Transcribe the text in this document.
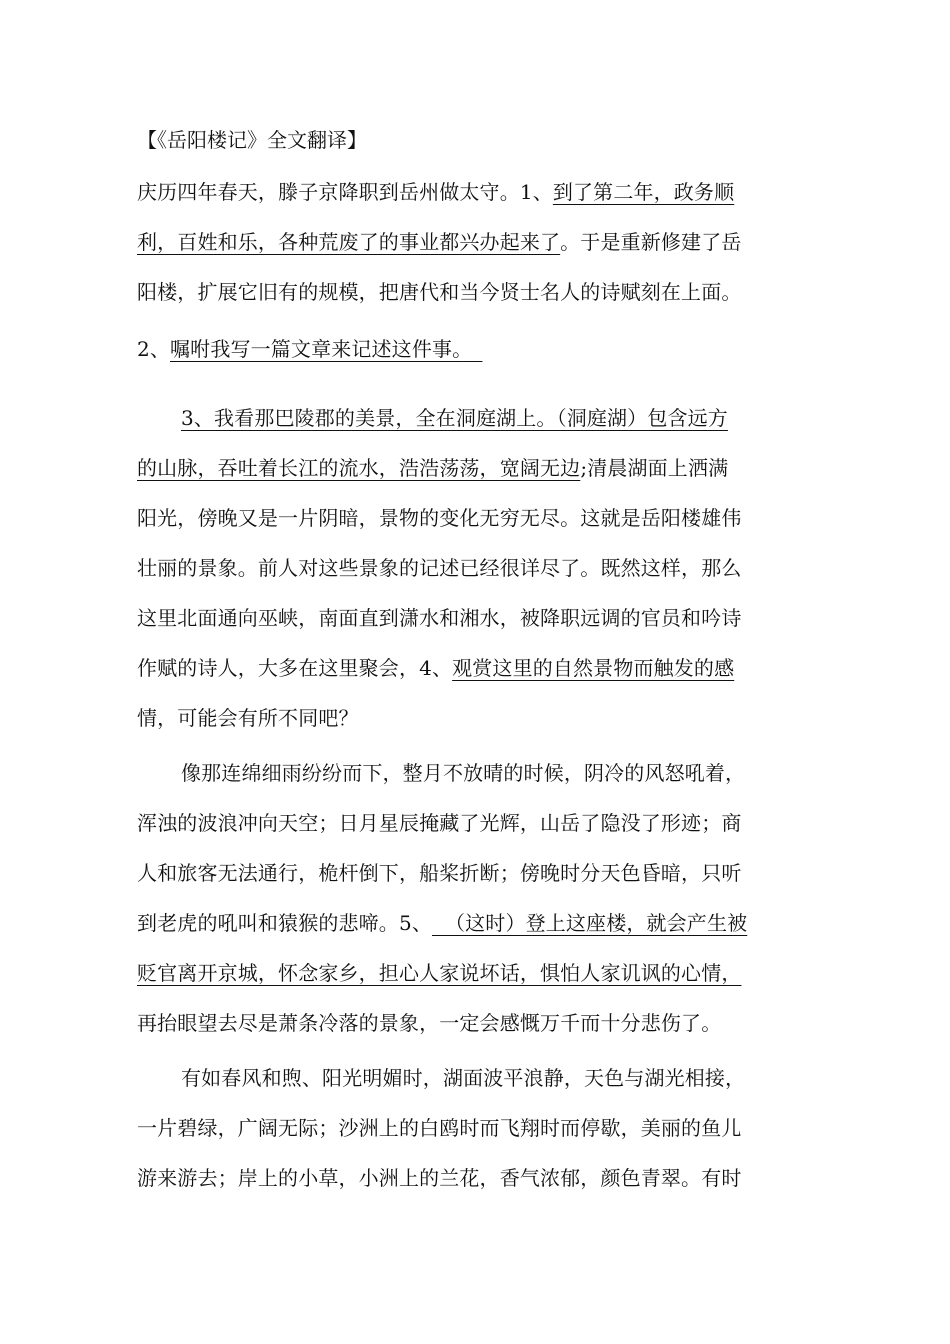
【《岳阳楼记》全文翻译】
庆历四年春天，滕子京降职到岳州做太守。1、到了第二年，政务顺
利，百姓和乐，各种荒废了的事业都兴办起来了。于是重新修建了岳
阳楼，扩展它旧有的规模，把唐代和当今贤士名人的诗赋刻在上面。
2、嘱咐我写一篇文章来记述这件事。　
3、我看那巴陵郡的美景，全在洞庭湖上。（洞庭湖）包含远方
的山脉，吞吐着长江的流水，浩浩荡荡，宽阔无边;清晨湖面上洒满
阳光，傍晚又是一片阴暗，景物的变化无穷无尽。这就是岳阳楼雄伟
壮丽的景象。前人对这些景象的记述已经很详尽了。既然这样，那么
这里北面通向巫峡，南面直到潇水和湘水，被降职远调的官员和吟诗
作赋的诗人，大多在这里聚会，4、观赏这里的自然景物而触发的感
情，可能会有所不同吧？
像那连绵细雨纷纷而下，整月不放晴的时候，阴冷的风怒吼着，
浑浊的波浪冲向天空；日月星辰掩藏了光辉，山岳了隐没了形迹；商
人和旅客无法通行，桅杆倒下，船桨折断；傍晚时分天色昏暗，只听
到老虎的吼叫和猿猴的悲啼。5、 （这时）登上这座楼，就会产生被
贬官离开京城，怀念家乡，担心人家说坏话，惧怕人家讥讽的心情，
再抬眼望去尽是萧条冷落的景象，一定会感慨万千而十分悲伤了。
有如春风和煦、阳光明媚时，湖面波平浪静，天色与湖光相接，
一片碧绿，广阔无际；沙洲上的白鸥时而飞翔时而停歇，美丽的鱼儿
游来游去；岸上的小草，小洲上的兰花，香气浓郁，颜色青翠。有时
